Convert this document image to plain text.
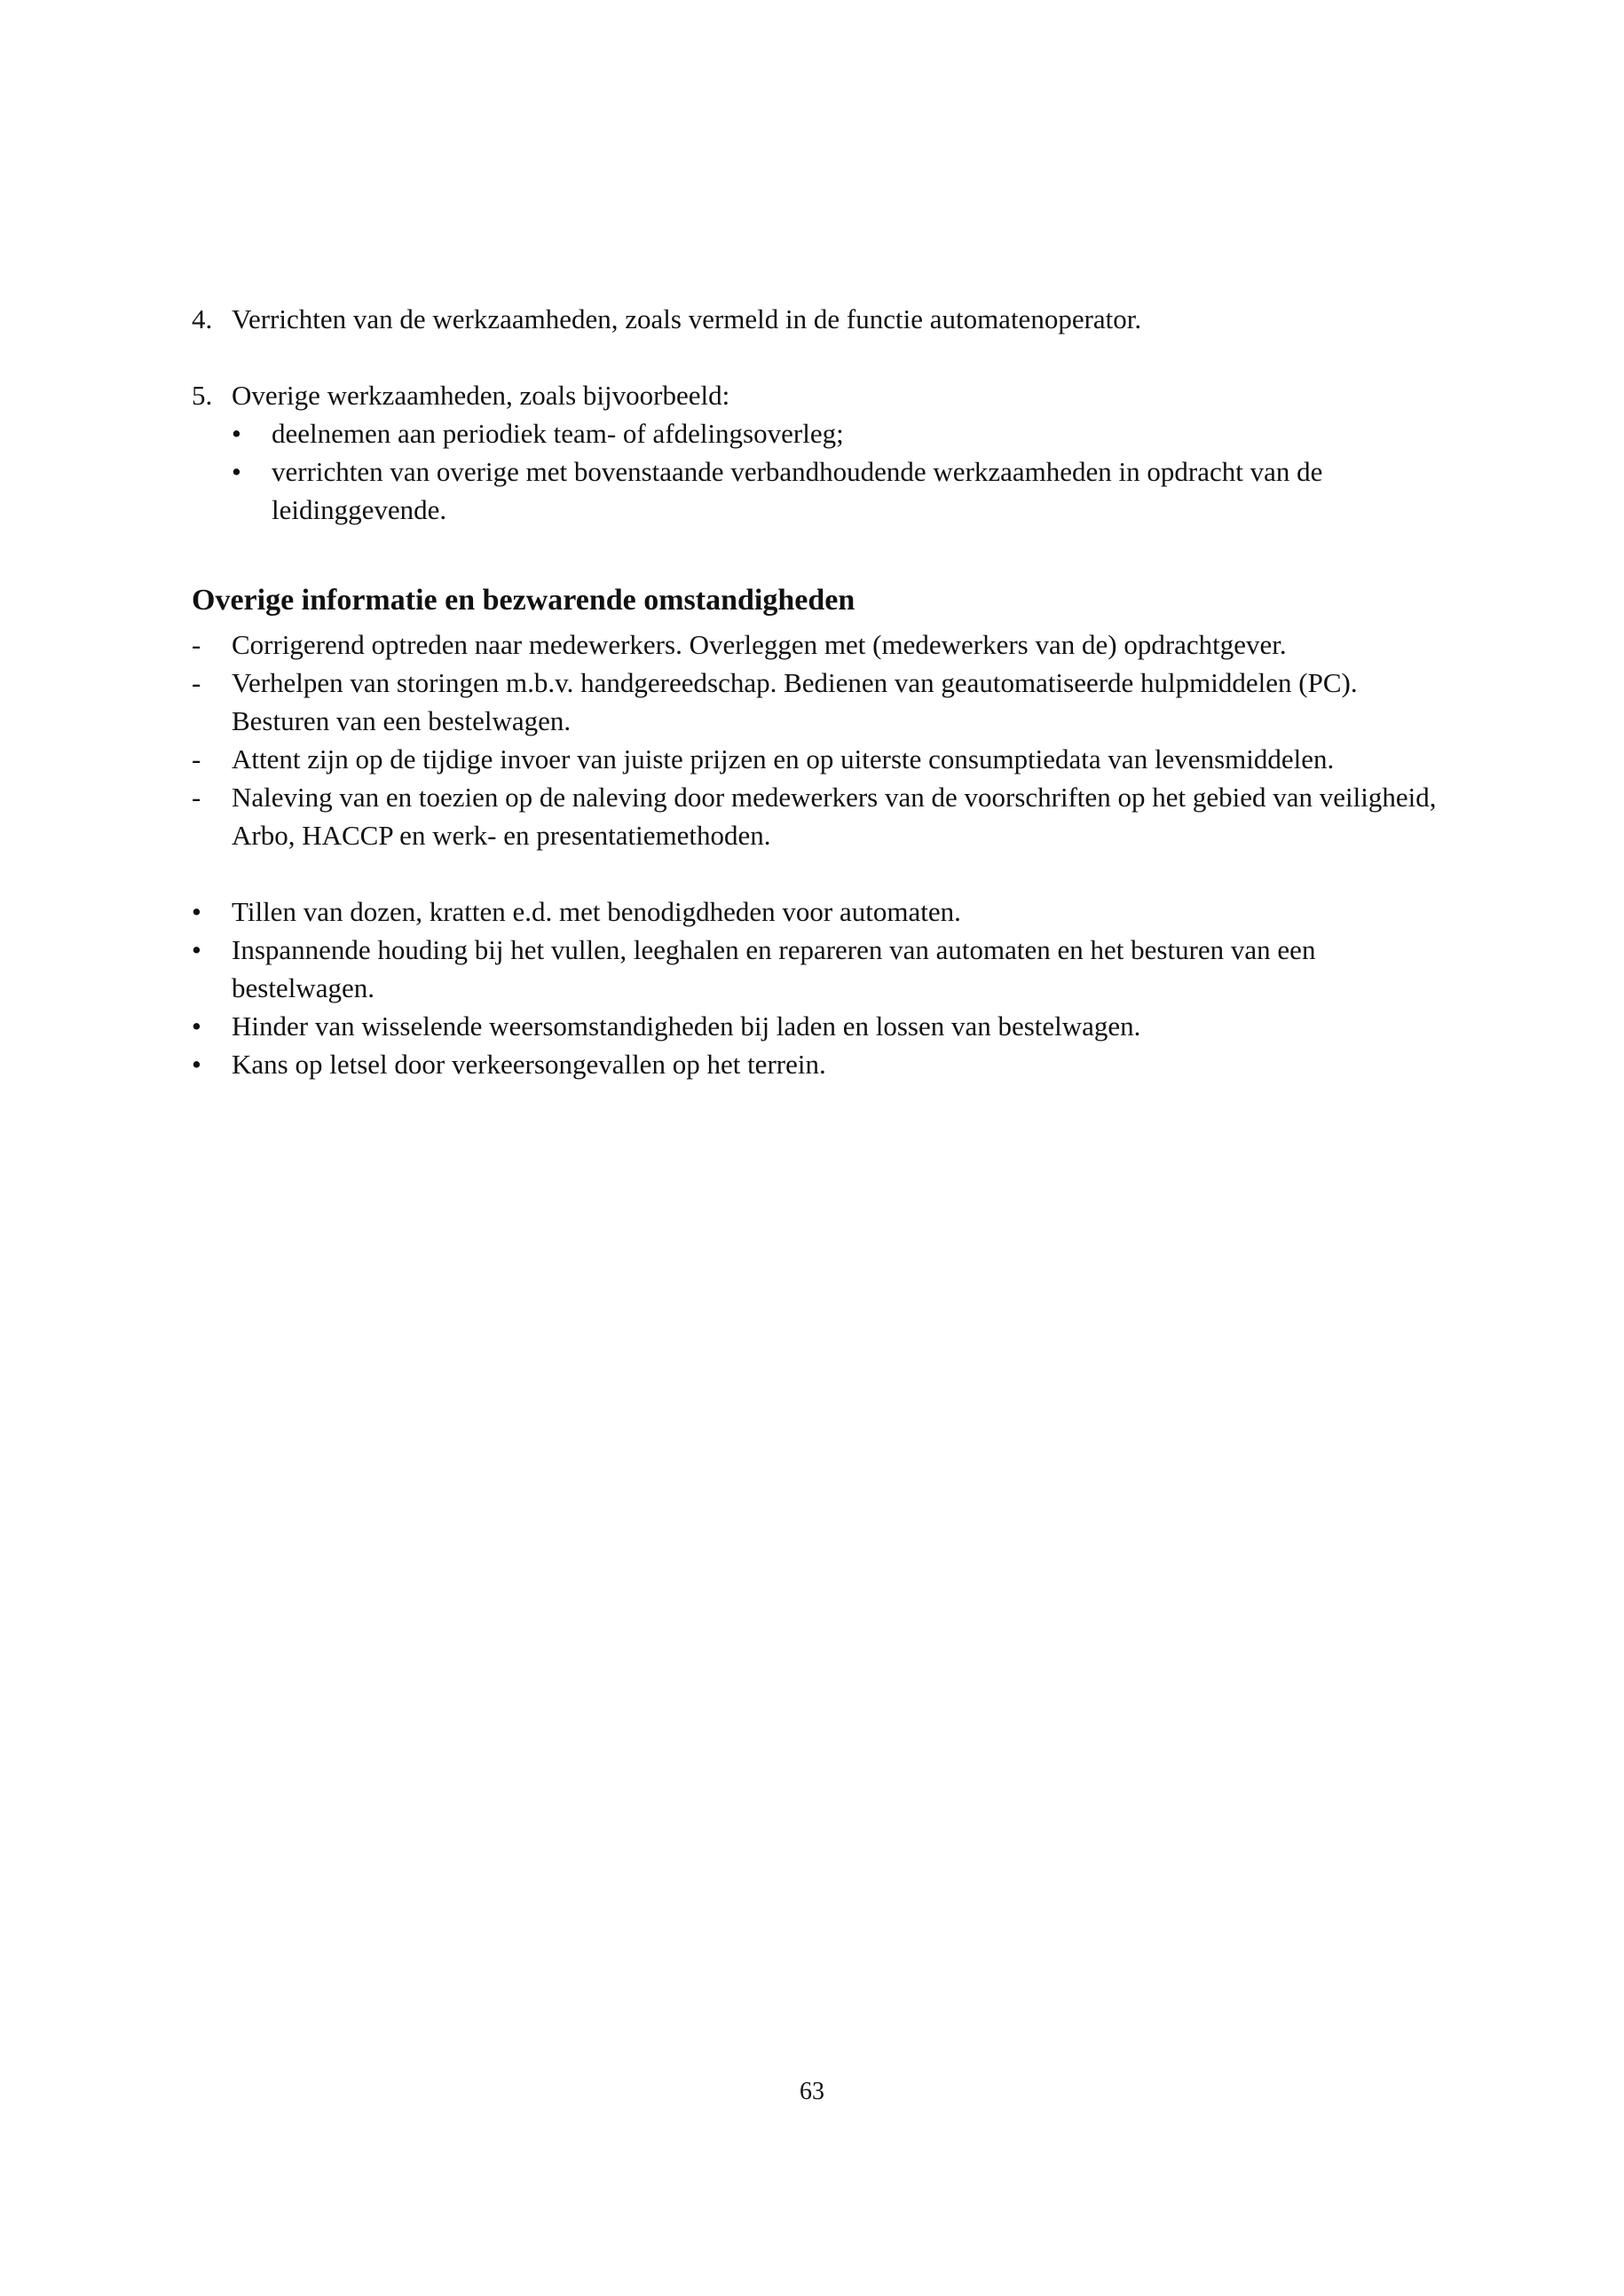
4. Verrichten van de werkzaamheden, zoals vermeld in de functie automatenoperator.
5. Overige werkzaamheden, zoals bijvoorbeeld:
•	deelnemen aan periodiek team- of afdelingsoverleg;
•	verrichten van overige met bovenstaande verbandhoudende werkzaamheden in opdracht van de leidinggevende.
Overige informatie en bezwarende omstandigheden
-	Corrigerend optreden naar medewerkers. Overleggen met (medewerkers van de) opdrachtgever.
-	Verhelpen van storingen m.b.v. handgereedschap. Bedienen van geautomatiseerde hulpmiddelen (PC). Besturen van een bestelwagen.
-	Attent zijn op de tijdige invoer van juiste prijzen en op uiterste consumptiedata van levensmiddelen.
-	Naleving van en toezien op de naleving door medewerkers van de voorschriften op het gebied van veiligheid, Arbo, HACCP en werk- en presentatiemethoden.
•	Tillen van dozen, kratten e.d. met benodigdheden voor automaten.
•	Inspannende houding bij het vullen, leeghalen en repareren van automaten en het besturen van een bestelwagen.
•	Hinder van wisselende weersomstandigheden bij laden en lossen van bestelwagen.
•	Kans op letsel door verkeersongevallen op het terrein.
63
